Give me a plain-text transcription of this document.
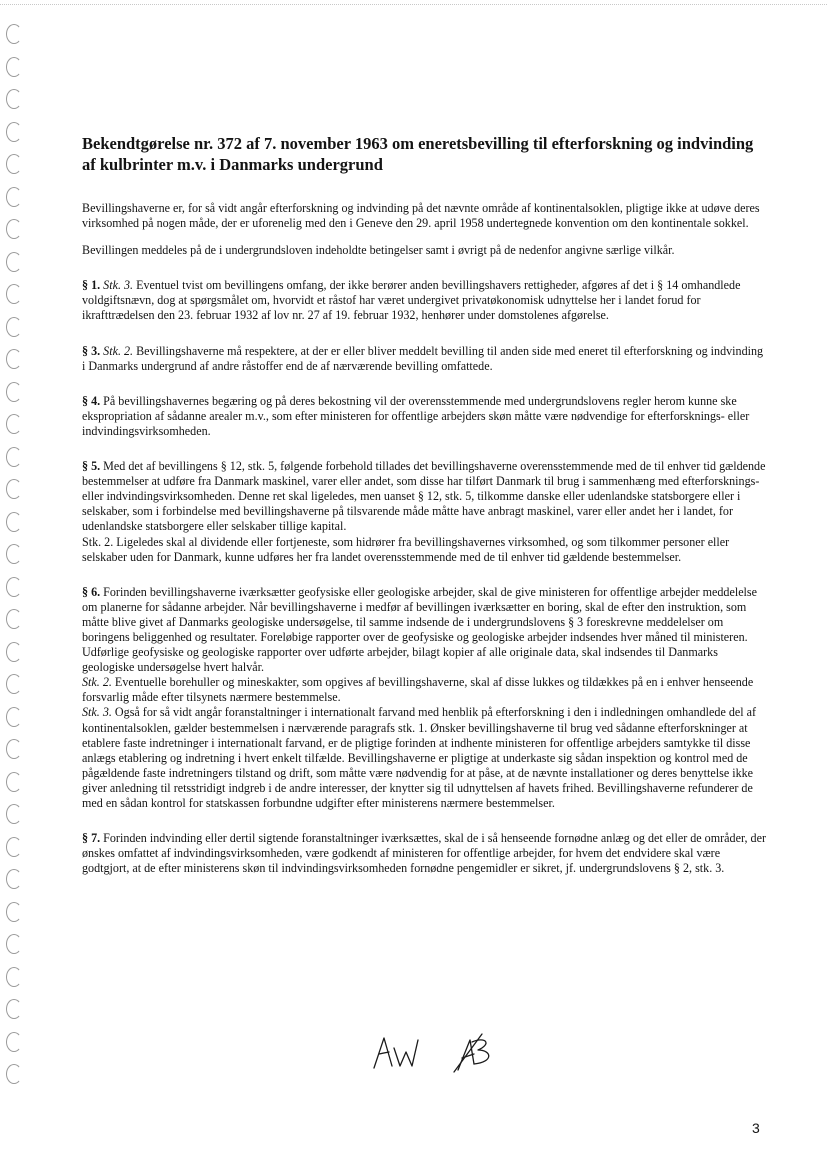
Bekendtgørelse nr. 372 af 7. november 1963 om eneretsbevilling til efterforskning og indvinding af kulbrinter m.v. i Danmarks undergrund

Bevillingshaverne er, for så vidt angår efterforskning og indvinding på det nævnte område af kontinentalsoklen, pligtige ikke at udøve deres virksomhed på nogen måde, der er uforenelig med den i Geneve den 29. april 1958 undertegnede konvention om den kontinentale sokkel.

Bevillingen meddeles på de i undergrundsloven indeholdte betingelser samt i øvrigt på de nedenfor angivne særlige vilkår.

§ 1. Stk. 3. Eventuel tvist om bevillingens omfang, der ikke berører anden bevillingshavers rettigheder, afgøres af det i § 14 omhandlede voldgiftsnævn, dog at spørgsmålet om, hvorvidt et råstof har været undergivet privatøkonomisk udnyttelse her i landet forud for ikrafttrædelsen den 23. februar 1932 af lov nr. 27 af 19. februar 1932, henhører under domstolenes afgørelse.

§ 3. Stk. 2. Bevillingshaverne må respektere, at der er eller bliver meddelt bevilling til anden side med eneret til efterforskning og indvinding i Danmarks undergrund af andre råstoffer end de af nærværende bevilling omfattede.

§ 4. På bevillingshavernes begæring og på deres bekostning vil der overensstemmende med undergrundslovens regler herom kunne ske ekspropriation af sådanne arealer m.v., som efter ministeren for offentlige arbejders skøn måtte være nødvendige for efterforsknings- eller indvindingsvirksomheden.

§ 5. Med det af bevillingens § 12, stk. 5, følgende forbehold tillades det bevillingshaverne overensstemmende med de til enhver tid gældende bestemmelser at udføre fra Danmark maskinel, varer eller andet, som disse har tilført Danmark til brug i sammenhæng med efterforsknings- eller indvindingsvirksomheden. Denne ret skal ligeledes, men uanset § 12, stk. 5, tilkomme danske eller udenlandske statsborgere eller i selskaber, som i forbindelse med bevillingshaverne på tilsvarende måde måtte have anbragt maskinel, varer eller andet her i landet, for udenlandske statsborgere eller selskaber tillige kapital.
Stk. 2. Ligeledes skal al dividende eller fortjeneste, som hidrører fra bevillingshavernes virksomhed, og som tilkommer personer eller selskaber uden for Danmark, kunne udføres her fra landet overensstemmende med de til enhver tid gældende bestemmelser.

§ 6. Forinden bevillingshaverne iværksætter geofysiske eller geologiske arbejder, skal de give ministeren for offentlige arbejder meddelelse om planerne for sådanne arbejder. Når bevillingshaverne i medfør af bevillingen iværksætter en boring, skal de efter den instruktion, som måtte blive givet af Danmarks geologiske undersøgelse, til samme indsende de i undergrundslovens § 3 foreskrevne meddelelser om boringens beliggenhed og resultater. Foreløbige rapporter over de geofysiske og geologiske arbejder indsendes hver måned til ministeren. Udførlige geofysiske og geologiske rapporter over udførte arbejder, bilagt kopier af alle originale data, skal indsendes til Danmarks geologiske undersøgelse hvert halvår.
Stk. 2. Eventuelle borehuller og mineskakter, som opgives af bevillingshaverne, skal af disse lukkes og tildækkes på en i enhver henseende forsvarlig måde efter tilsynets nærmere bestemmelse.
Stk. 3. Også for så vidt angår foranstaltninger i internationalt farvand med henblik på efterforskning i den i indledningen omhandlede del af kontinentalsoklen, gælder bestemmelsen i nærværende paragrafs stk. 1. Ønsker bevillingshaverne til brug ved sådanne efterforskninger at etablere faste indretninger i internationalt farvand, er de pligtige forinden at indhente ministeren for offentlige arbejders samtykke til disse anlægs etablering og indretning i hvert enkelt tilfælde. Bevillingshaverne er pligtige at underkaste sig sådan inspektion og kontrol med de pågældende faste indretningers tilstand og drift, som måtte være nødvendig for at påse, at de nævnte installationer og deres benyttelse ikke giver anledning til retsstridigt indgreb i de andre interesser, der knytter sig til udnyttelsen af havets frihed. Bevillingshaverne refunderer de med en sådan kontrol for statskassen forbundne udgifter efter ministerens nærmere bestemmelser.

§ 7. Forinden indvinding eller dertil sigtende foranstaltninger iværksættes, skal de i så henseende fornødne anlæg og det eller de områder, der ønskes omfattet af indvindingsvirksomheden, være godkendt af ministeren for offentlige arbejder, for hvem det endvidere skal være godtgjort, at de efter ministerens skøn til indvindingsvirksomheden fornødne pengemidler er sikret, jf. undergrundslovens § 2, stk. 3.

3
